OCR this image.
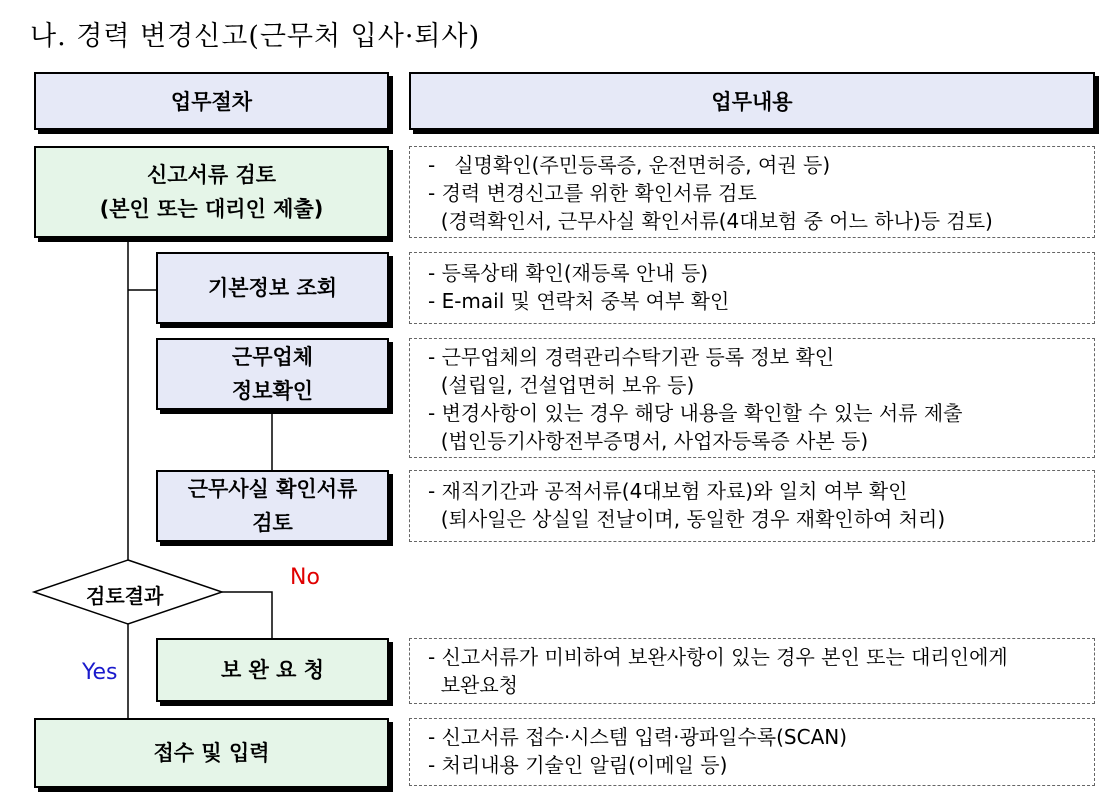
나. 경력 변경신고(근무처 입사·퇴사)
업무절차	업무내용
신고서류 검토
(본인 또는 대리인 제출)
기본정보 조회
근무업체
정보확인
근무사실 확인서류
검토
보 완 요 청
접수 및 입력
검토결과
No
Yes
-   실명확인(주민등록증, 운전면허증, 여권 등)
- 경력 변경신고를 위한 확인서류 검토
(경력확인서, 근무사실 확인서류(4대보험 중 어느 하나)등 검토)
- 등록상태 확인(재등록 안내 등)
- E-mail 및 연락처 중복 여부 확인
- 근무업체의 경력관리수탁기관 등록 정보 확인
(설립일, 건설업면허 보유 등)
- 변경사항이 있는 경우 해당 내용을 확인할 수 있는 서류 제출
(법인등기사항전부증명서, 사업자등록증 사본 등)
- 재직기간과 공적서류(4대보험 자료)와 일치 여부 확인
(퇴사일은 상실일 전날이며, 동일한 경우 재확인하여 처리)
- 신고서류가 미비하여 보완사항이 있는 경우 본인 또는 대리인에게
보완요청
- 신고서류 접수·시스템 입력·광파일수록(SCAN)
- 처리내용 기술인 알림(이메일 등)
